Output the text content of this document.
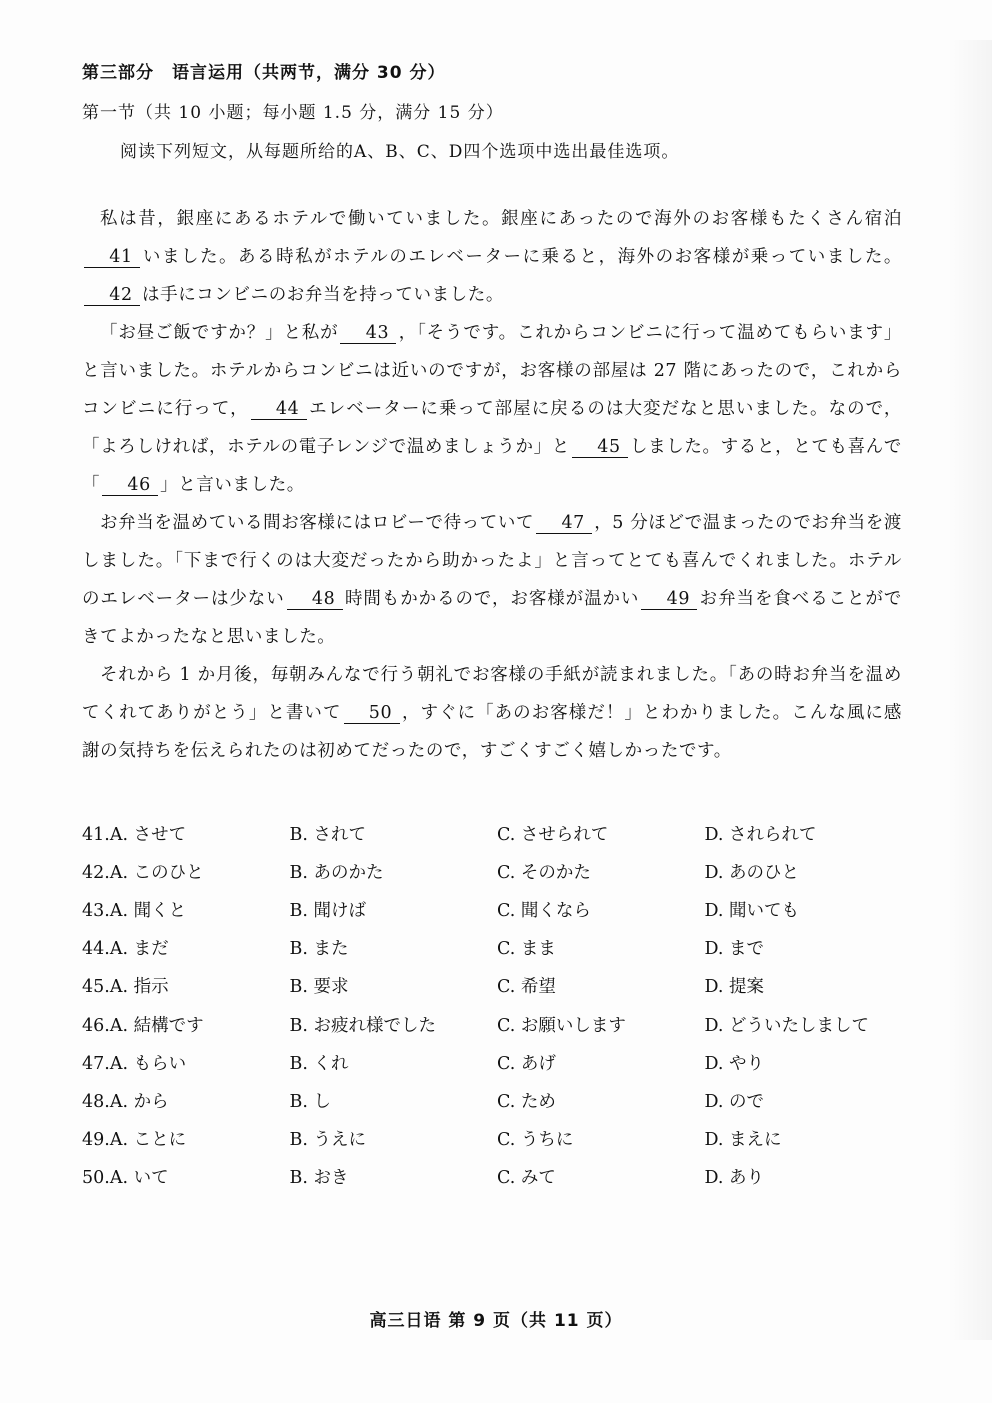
第三部分　语言运用（共两节，满分 30 分）
第一节（共 10 小题；每小题 1.5 分，满分 15 分）
阅读下列短文，从每题所给的A、B、C、D四个选项中选出最佳选项。

私は昔，銀座にあるホテルで働いていました。銀座にあったので海外のお客様もたくさん宿泊41 いました。ある時私がホテルのエレベーターに乗ると，海外のお客様が乗っていました。42 は手にコンビニのお弁当を持っていました。

「お昼ご飯ですか？」と私が 43 ，「そうです。これからコンビニに行って温めてもらいます」と言いました。ホテルからコンビニは近いのですが，お客様の部屋は 27 階にあったので，これからコンビニに行って， 44 エレベーターに乗って部屋に戻るのは大変だなと思いました。なので，「よろしければ，ホテルの電子レンジで温めましょうか」と 45 しました。すると，とても喜んで「 46 」と言いました。

お弁当を温めている間お客様にはロビーで待っていて 47 ，5 分ほどで温まったのでお弁当を渡しました。「下まで行くのは大変だったから助かったよ」と言ってとても喜んでくれました。ホテルのエレベーターは少ない 48 時間もかかるので，お客様が温かい 49 お弁当を食べることができてよかったなと思いました。

それから 1 か月後，毎朝みんなで行う朝礼でお客様の手紙が読まれました。「あの時お弁当を温めてくれてありがとう」と書いて 50 ，すぐに「あのお客様だ！」とわかりました。こんな風に感謝の気持ちを伝えられたのは初めてだったので，すごくすごく嬉しかったです。

41.A. させて	B. されて	C. させられて	D. されられて
42.A. このひと	B. あのかた	C. そのかた	D. あのひと
43.A. 聞くと	B. 聞けば	C. 聞くなら	D. 聞いても
44.A. まだ	B. また	C. まま	D. まで
45.A. 指示	B. 要求	C. 希望	D. 提案
46.A. 結構です	B. お疲れ様でした	C. お願いします	D. どういたしまして
47.A. もらい	B. くれ	C. あげ	D. やり
48.A. から	B. し	C. ため	D. ので
49.A. ことに	B. うえに	C. うちに	D. まえに
50.A. いて	B. おき	C. みて	D. あり
高三日语 第 9 页（共 11 页）
